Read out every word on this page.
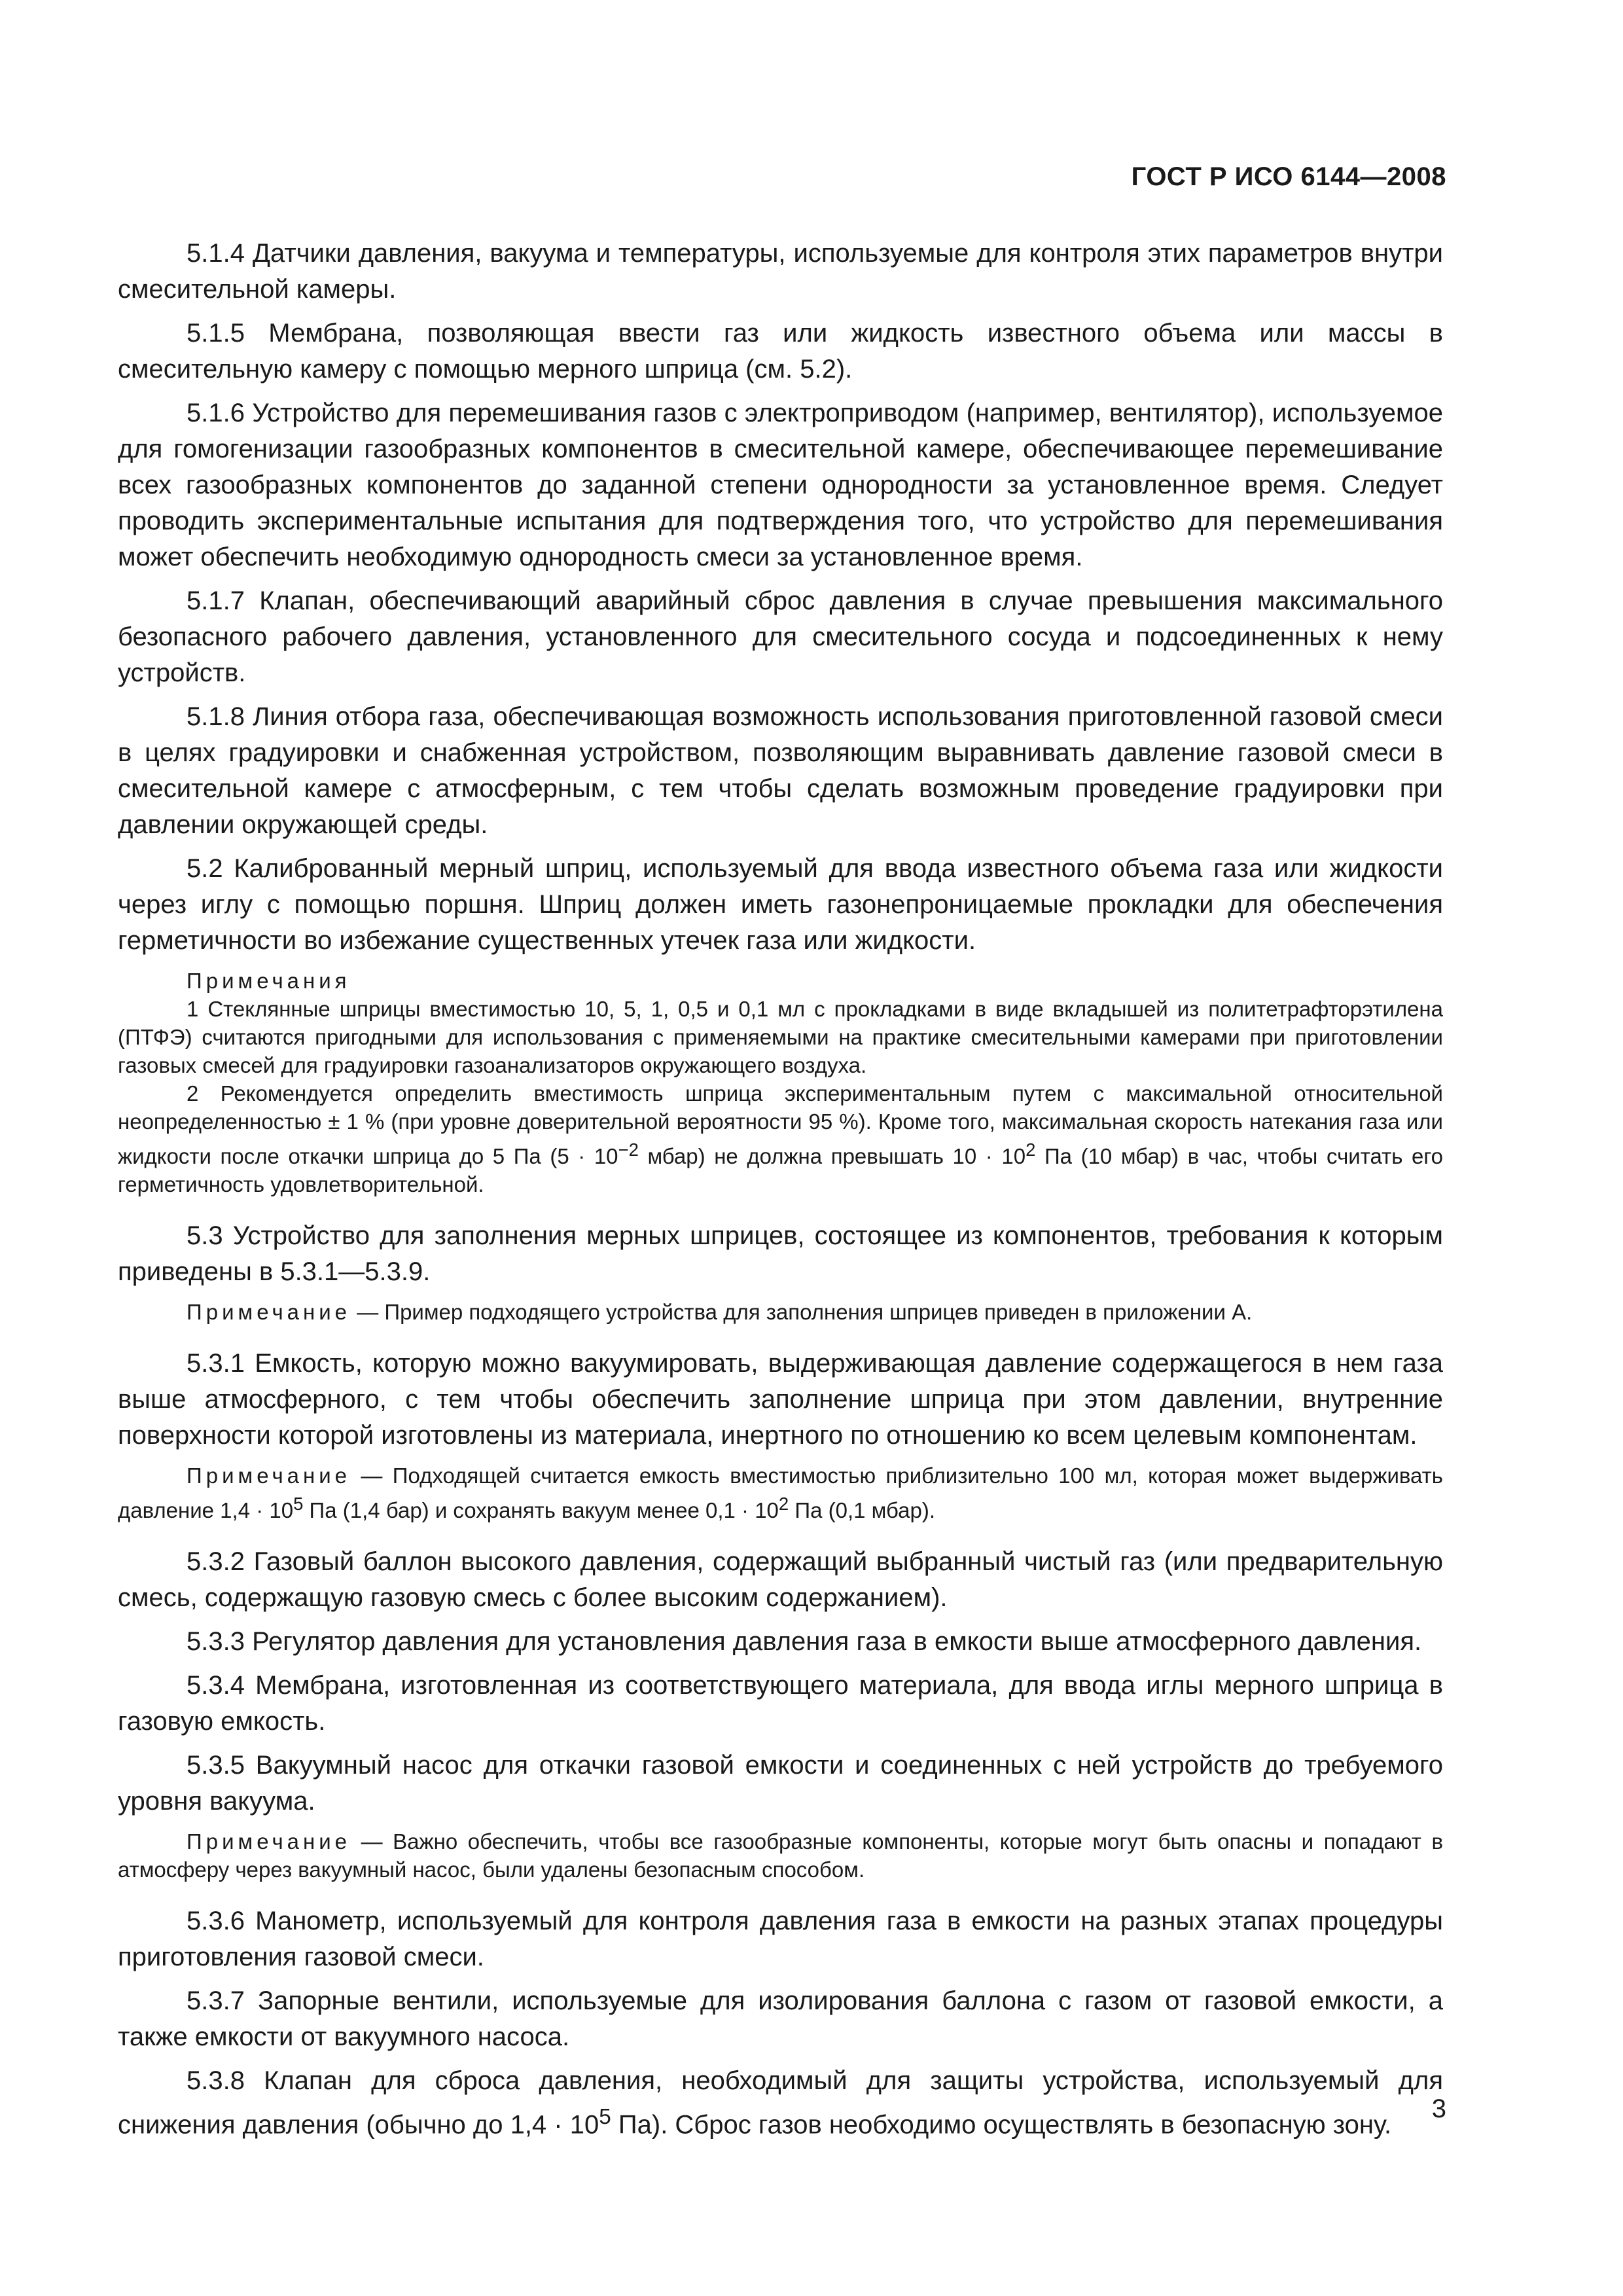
ГОСТ Р ИСО 6144—2008

5.1.4 Датчики давления, вакуума и температуры, используемые для контроля этих параметров внутри смесительной камеры.

5.1.5 Мембрана, позволяющая ввести газ или жидкость известного объема или массы в смесительную камеру с помощью мерного шприца (см. 5.2).

5.1.6 Устройство для перемешивания газов с электроприводом (например, вентилятор), используемое для гомогенизации газообразных компонентов в смесительной камере, обеспечивающее перемешивание всех газообразных компонентов до заданной степени однородности за установленное время. Следует проводить экспериментальные испытания для подтверждения того, что устройство для перемешивания может обеспечить необходимую однородность смеси за установленное время.

5.1.7 Клапан, обеспечивающий аварийный сброс давления в случае превышения максимального безопасного рабочего давления, установленного для смесительного сосуда и подсоединенных к нему устройств.

5.1.8 Линия отбора газа, обеспечивающая возможность использования приготовленной газовой смеси в целях градуировки и снабженная устройством, позволяющим выравнивать давление газовой смеси в смесительной камере с атмосферным, с тем чтобы сделать возможным проведение градуировки при давлении окружающей среды.

5.2 Калиброванный мерный шприц, используемый для ввода известного объема газа или жидкости через иглу с помощью поршня. Шприц должен иметь газонепроницаемые прокладки для обеспечения герметичности во избежание существенных утечек газа или жидкости.

Примечания

1 Стеклянные шприцы вместимостью 10, 5, 1, 0,5 и 0,1 мл с прокладками в виде вкладышей из политетрафторэтилена (ПТФЭ) считаются пригодными для использования с применяемыми на практике смесительными камерами при приготовлении газовых смесей для градуировки газоанализаторов окружающего воздуха.

2 Рекомендуется определить вместимость шприца экспериментальным путем с максимальной относительной неопределенностью ± 1 % (при уровне доверительной вероятности 95 %). Кроме того, максимальная скорость натекания газа или жидкости после откачки шприца до 5 Па ($5 \cdot 10^{-2}$ мбар) не должна превышать $10 \cdot 10^2$ Па (10 мбар) в час, чтобы считать его герметичность удовлетворительной.

5.3 Устройство для заполнения мерных шприцев, состоящее из компонентов, требования к которым приведены в 5.3.1—5.3.9.

Примечание — Пример подходящего устройства для заполнения шприцев приведен в приложении А.

5.3.1 Емкость, которую можно вакуумировать, выдерживающая давление содержащегося в нем газа выше атмосферного, с тем чтобы обеспечить заполнение шприца при этом давлении, внутренние поверхности которой изготовлены из материала, инертного по отношению ко всем целевым компонентам.

Примечание — Подходящей считается емкость вместимостью приблизительно 100 мл, которая может выдерживать давление $1,4 \cdot 10^5$ Па (1,4 бар) и сохранять вакуум менее $0,1 \cdot 10^2$ Па (0,1 мбар).

5.3.2 Газовый баллон высокого давления, содержащий выбранный чистый газ (или предварительную смесь, содержащую газовую смесь с более высоким содержанием).

5.3.3 Регулятор давления для установления давления газа в емкости выше атмосферного давления.

5.3.4 Мембрана, изготовленная из соответствующего материала, для ввода иглы мерного шприца в газовую емкость.

5.3.5 Вакуумный насос для откачки газовой емкости и соединенных с ней устройств до требуемого уровня вакуума.

Примечание — Важно обеспечить, чтобы все газообразные компоненты, которые могут быть опасны и попадают в атмосферу через вакуумный насос, были удалены безопасным способом.

5.3.6 Манометр, используемый для контроля давления газа в емкости на разных этапах процедуры приготовления газовой смеси.

5.3.7 Запорные вентили, используемые для изолирования баллона с газом от газовой емкости, а также емкости от вакуумного насоса.

5.3.8 Клапан для сброса давления, необходимый для защиты устройства, используемый для снижения давления (обычно до $1,4 \cdot 10^5$ Па). Сброс газов необходимо осуществлять в безопасную зону.

3
